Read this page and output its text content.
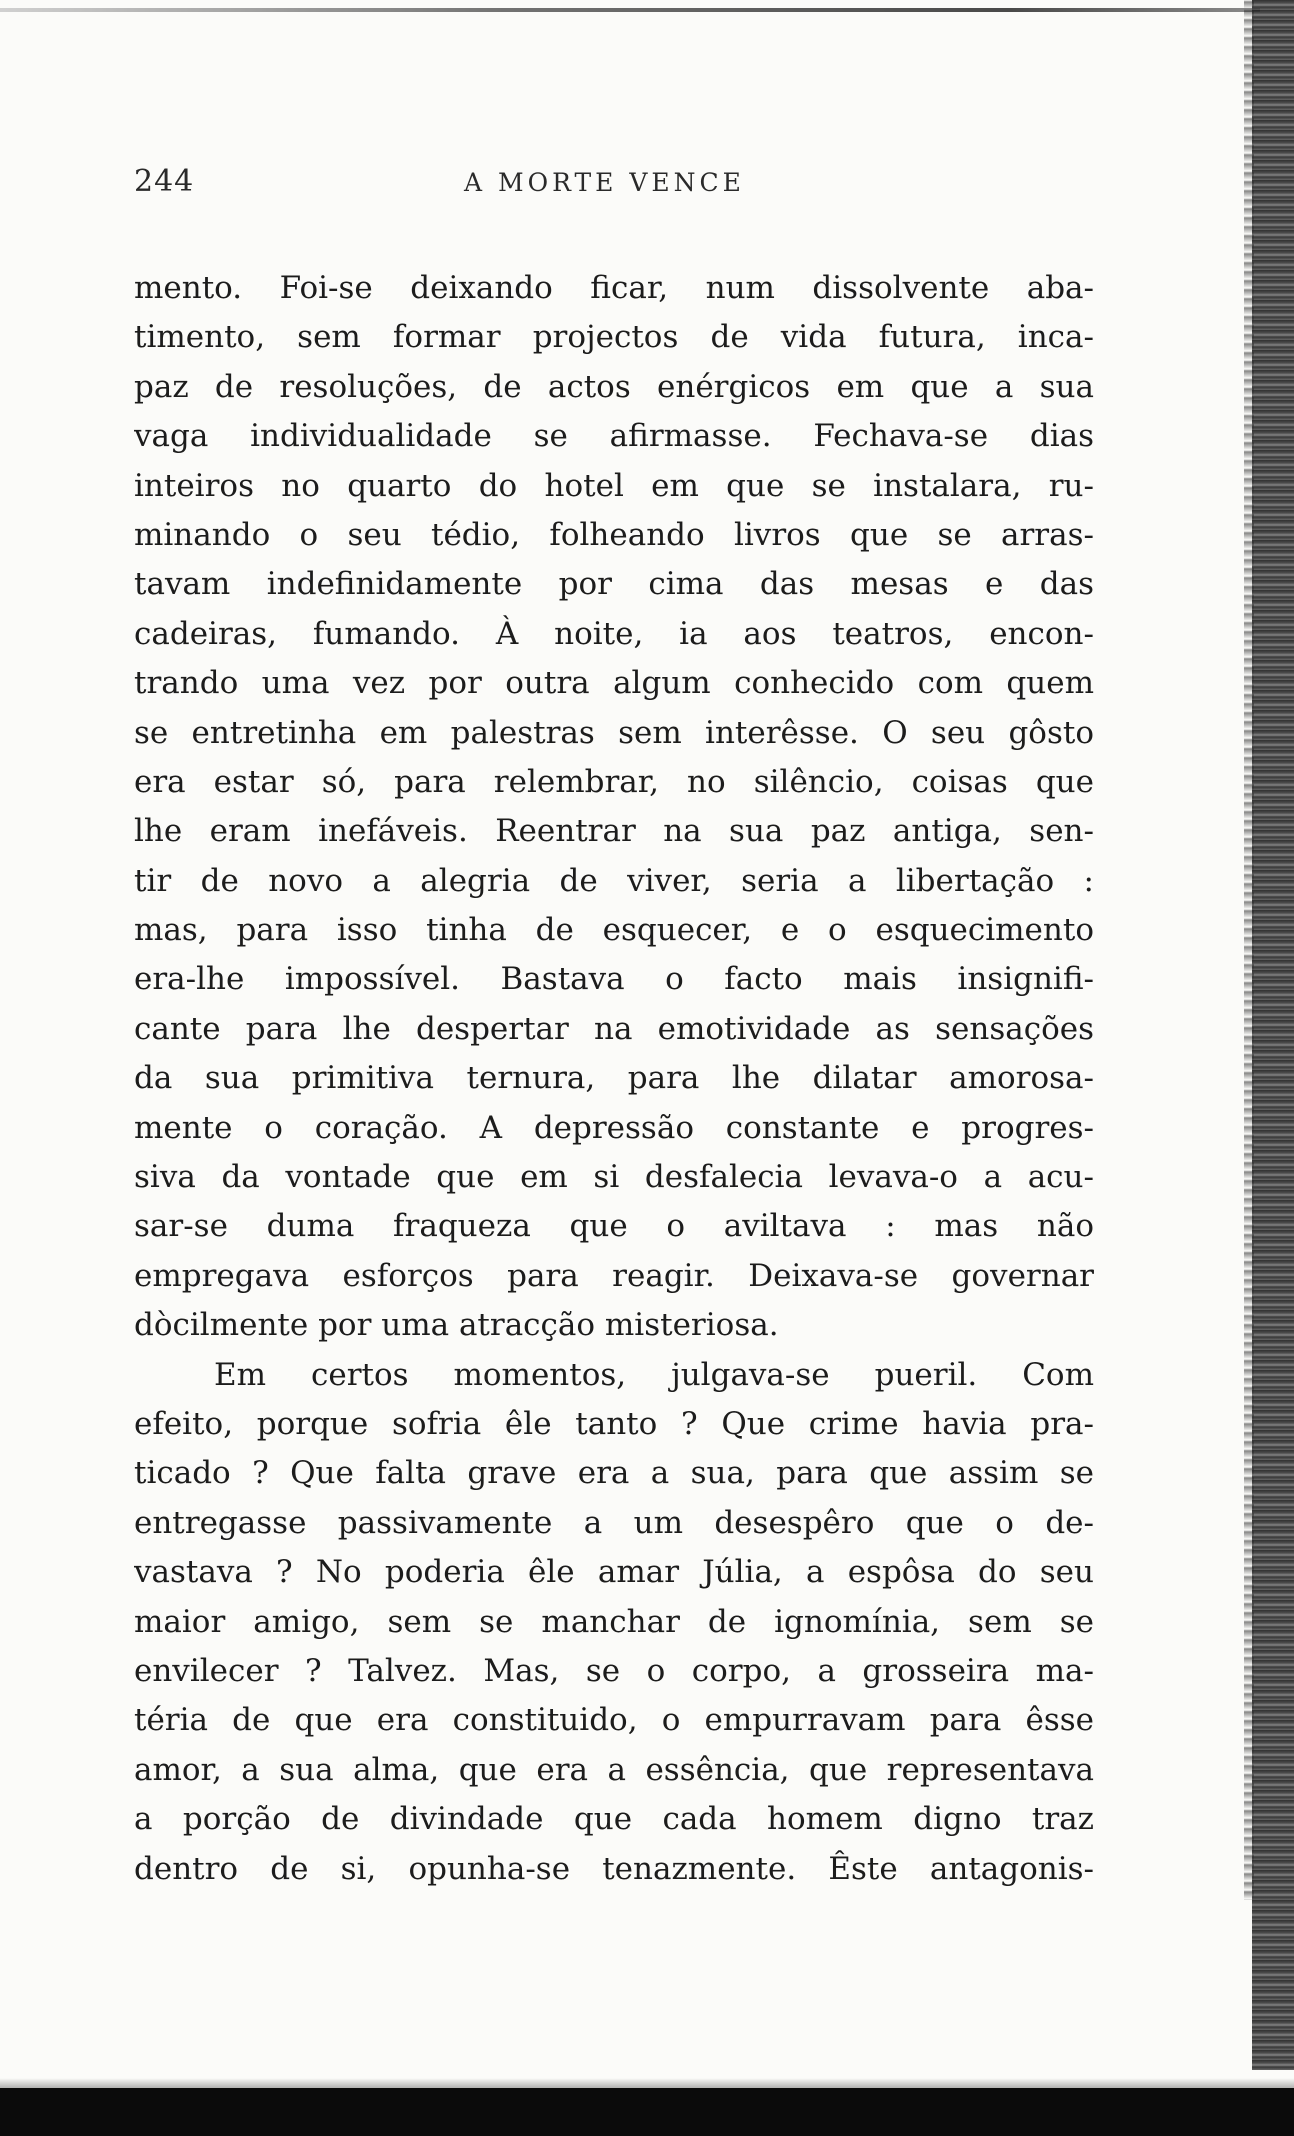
244	A MORTE VENCE
mento. Foi-se deixando ficar, num dissolvente aba-
timento, sem formar projectos de vida futura, inca-
paz de resoluções, de actos enérgicos em que a sua
vaga individualidade se afirmasse. Fechava-se dias
inteiros no quarto do hotel em que se instalara, ru-
minando o seu tédio, folheando livros que se arras-
tavam indefinidamente por cima das mesas e das
cadeiras, fumando. À noite, ia aos teatros, encon-
trando uma vez por outra algum conhecido com quem
se entretinha em palestras sem interêsse. O seu gôsto
era estar só, para relembrar, no silêncio, coisas que
lhe eram inefáveis. Reentrar na sua paz antiga, sen-
tir de novo a alegria de viver, seria a libertação :
mas, para isso tinha de esquecer, e o esquecimento
era-lhe impossível. Bastava o facto mais insignifi-
cante para lhe despertar na emotividade as sensações
da sua primitiva ternura, para lhe dilatar amorosa-
mente o coração. A depressão constante e progres-
siva da vontade que em si desfalecia levava-o a acu-
sar-se duma fraqueza que o aviltava : mas não
empregava esforços para reagir. Deixava-se governar
dòcilmente por uma atracção misteriosa.
Em certos momentos, julgava-se pueril. Com
efeito, porque sofria êle tanto ? Que crime havia pra-
ticado ? Que falta grave era a sua, para que assim se
entregasse passivamente a um desespêro que o de-
vastava ? No poderia êle amar Júlia, a espôsa do seu
maior amigo, sem se manchar de ignomínia, sem se
envilecer ? Talvez. Mas, se o corpo, a grosseira ma-
téria de que era constituido, o empurravam para êsse
amor, a sua alma, que era a essência, que representava
a porção de divindade que cada homem digno traz
dentro de si, opunha-se tenazmente. Êste antagonis-
